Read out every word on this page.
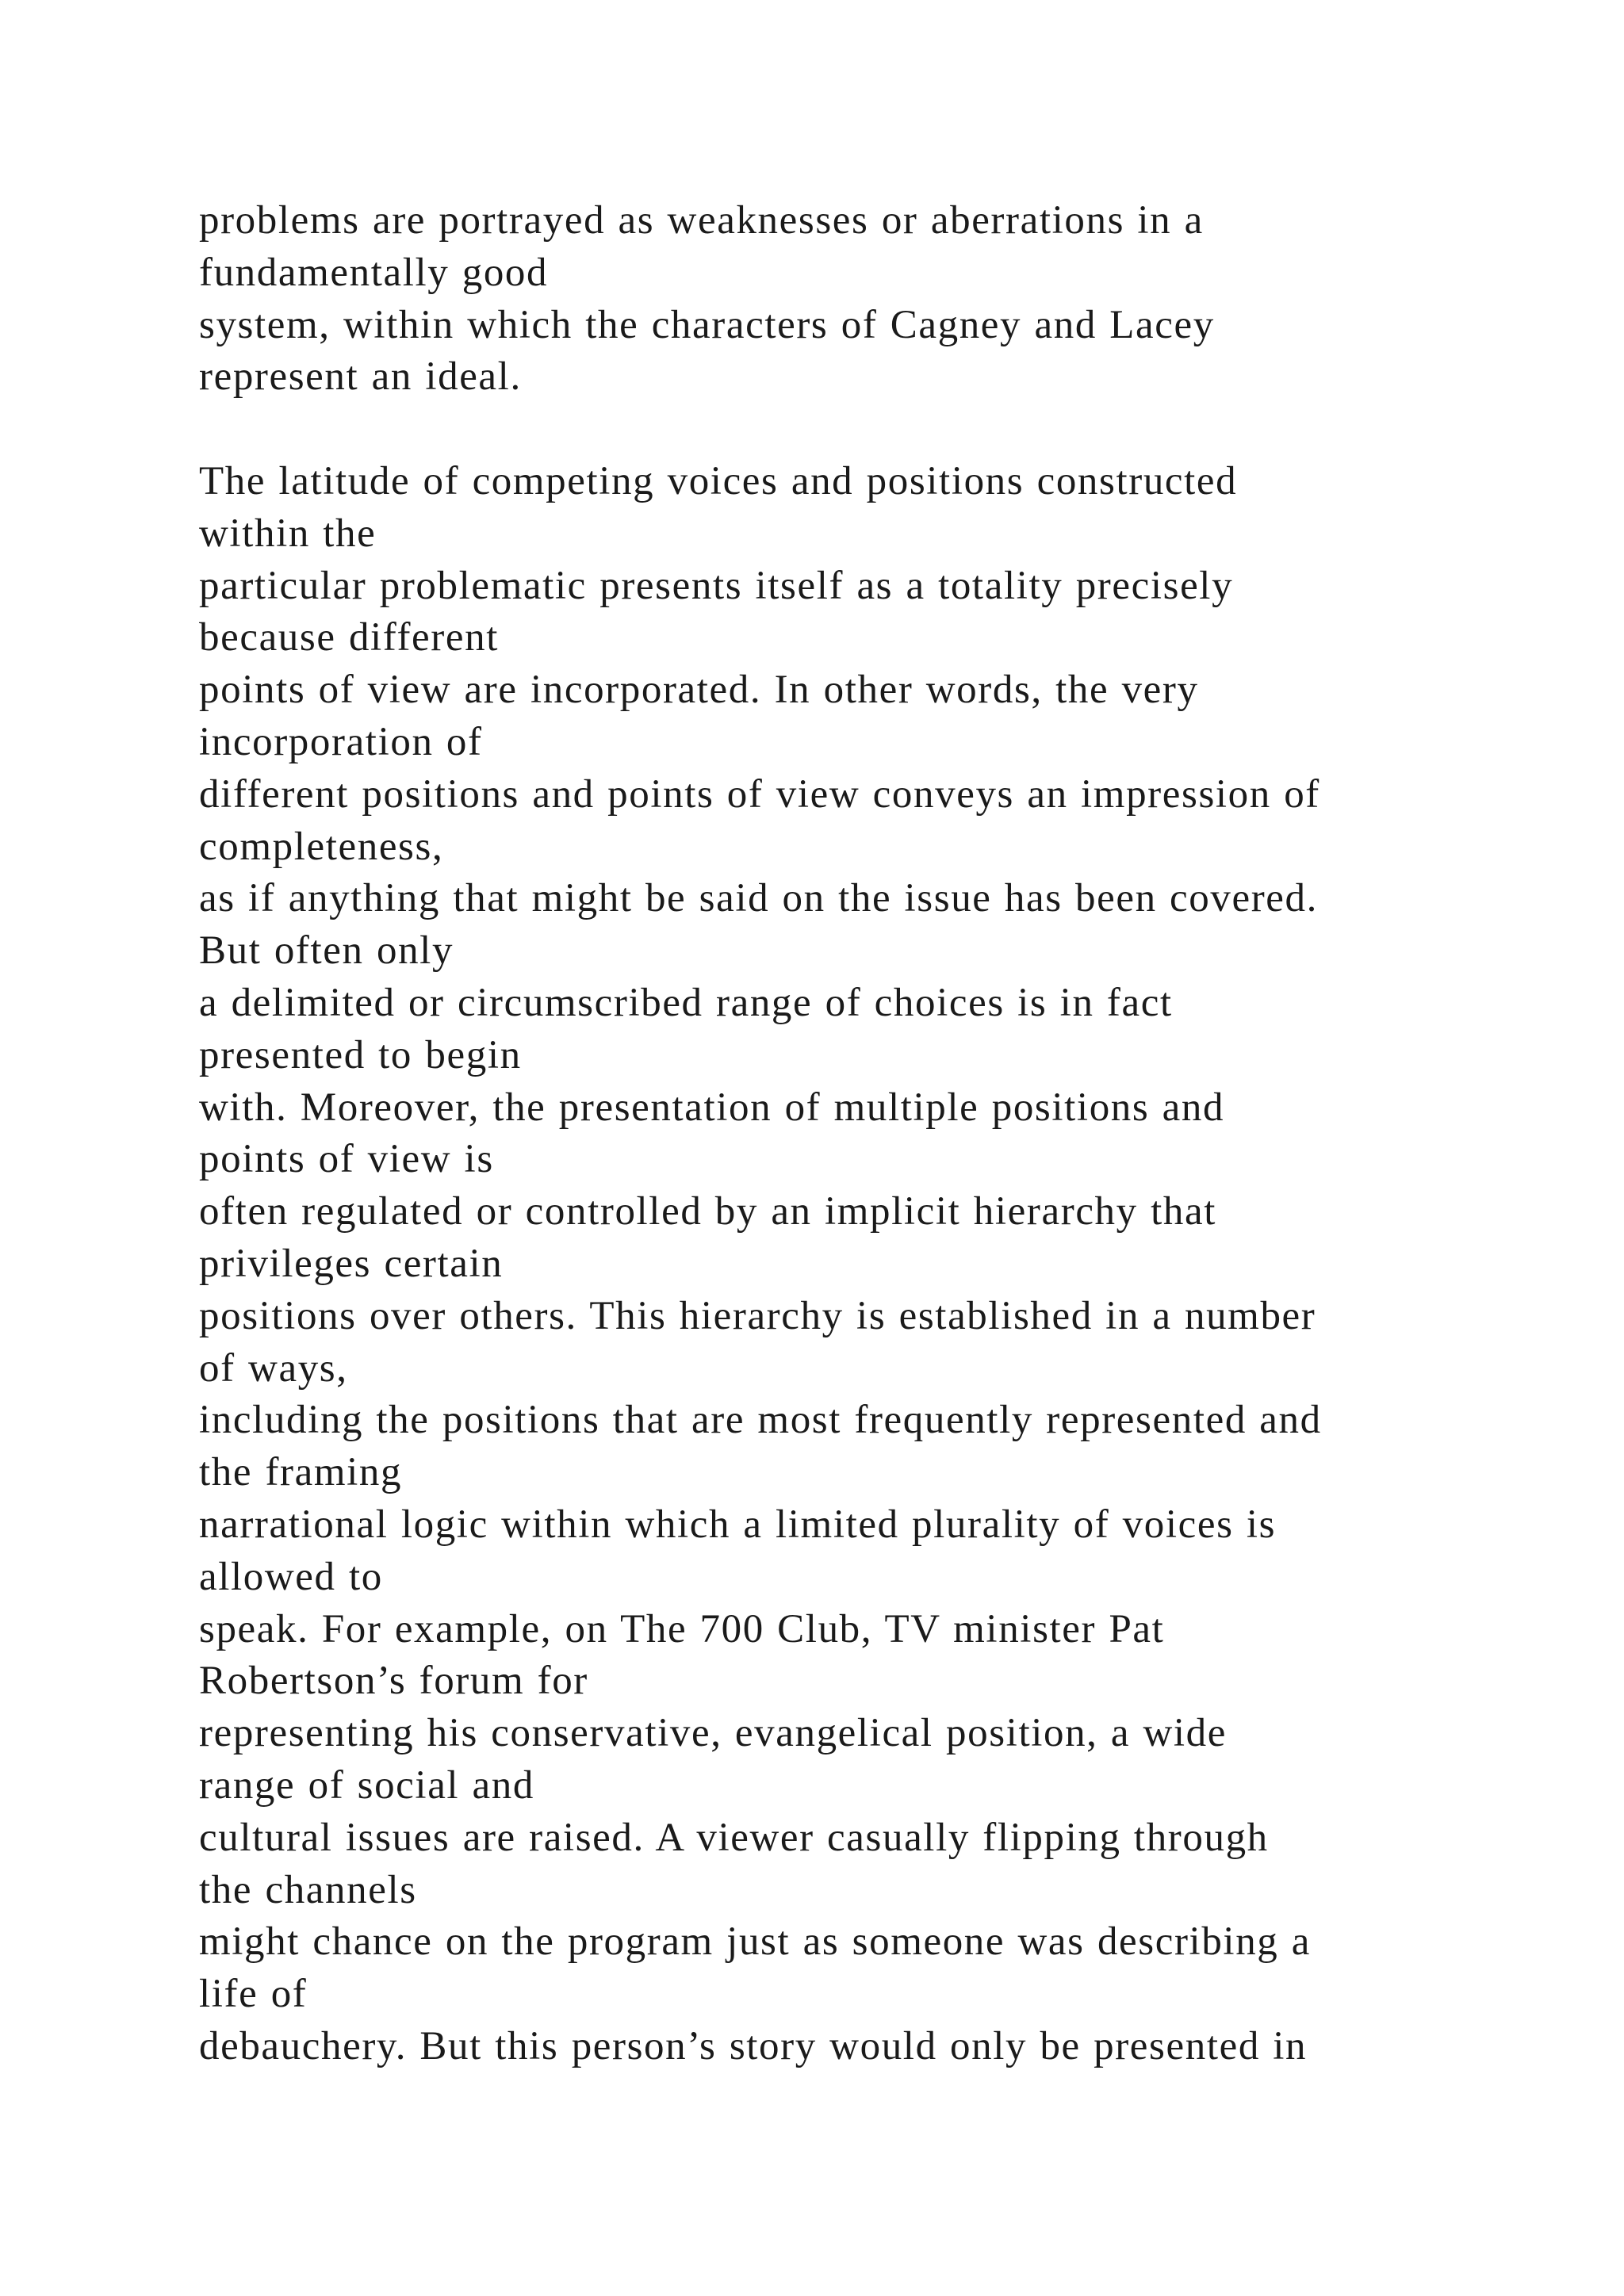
problems are portrayed as weaknesses or aberrations in a
fundamentally good
system, within which the characters of Cagney and Lacey
represent an ideal.
The latitude of competing voices and positions constructed
within the
particular problematic presents itself as a totality precisely
because different
points of view are incorporated. In other words, the very
incorporation of
different positions and points of view conveys an impression of
completeness,
as if anything that might be said on the issue has been covered.
But often only
a delimited or circumscribed range of choices is in fact
presented to begin
with. Moreover, the presentation of multiple positions and
points of view is
often regulated or controlled by an implicit hierarchy that
privileges certain
positions over others. This hierarchy is established in a number
of ways,
including the positions that are most frequently represented and
the framing
narrational logic within which a limited plurality of voices is
allowed to
speak. For example, on The 700 Club, TV minister Pat
Robertson’s forum for
representing his conservative, evangelical position, a wide
range of social and
cultural issues are raised. A viewer casually flipping through
the channels
might chance on the program just as someone was describing a
life of
debauchery. But this person’s story would only be presented in
